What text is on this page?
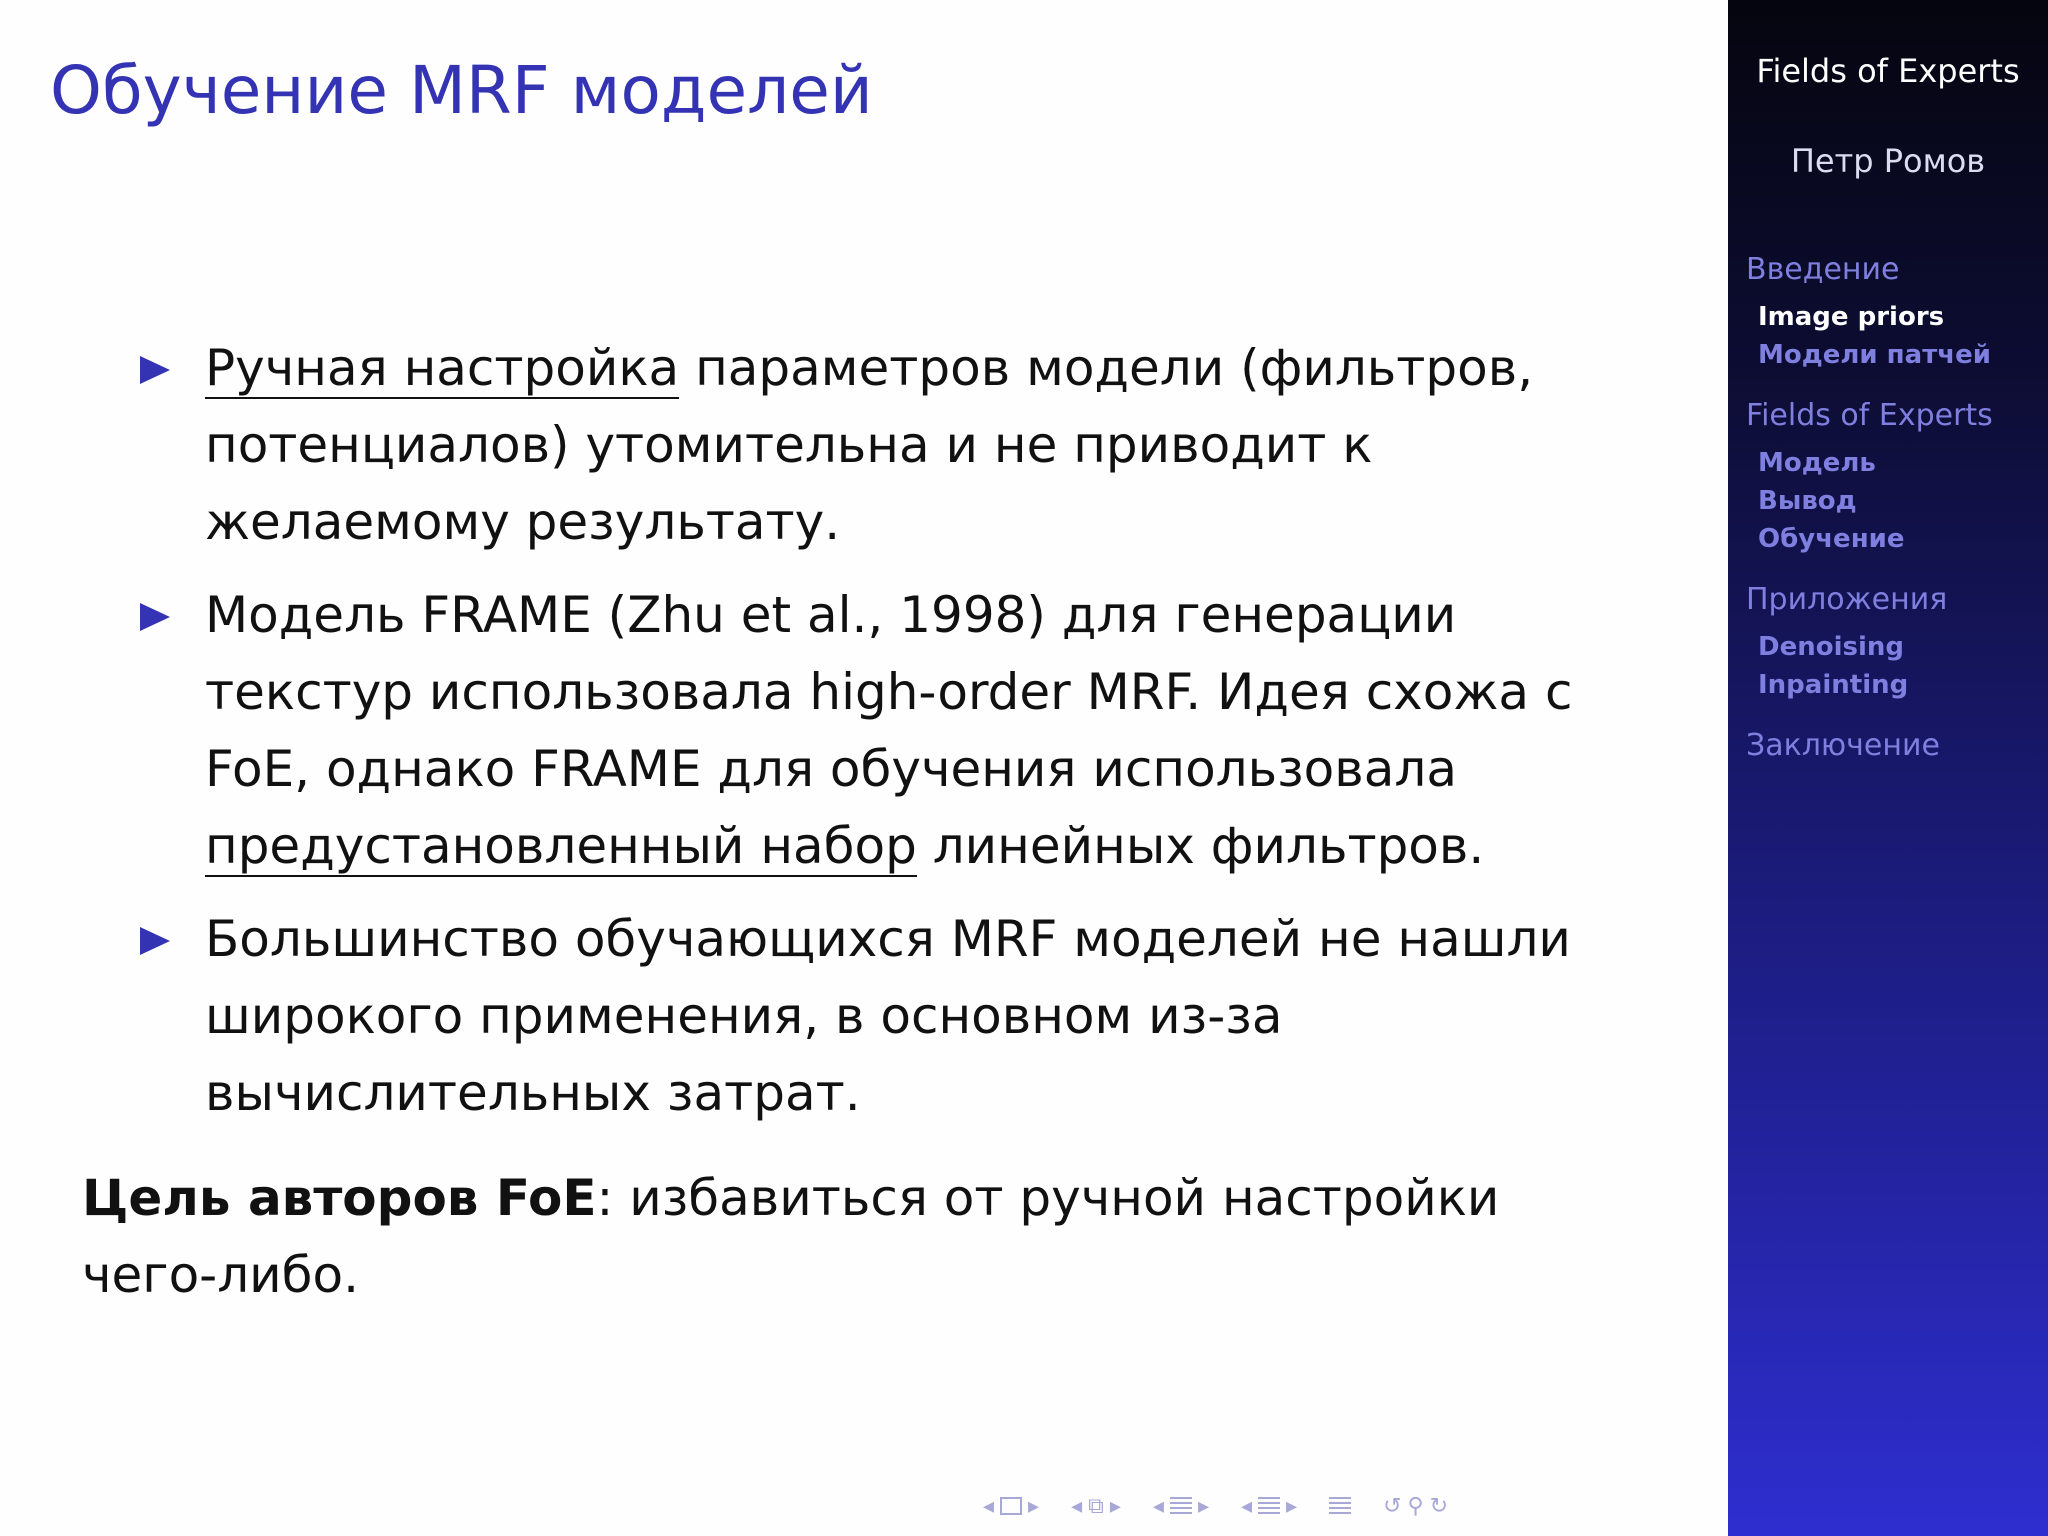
Обучение MRF моделей
Ручная настройка параметров модели (фильтров, потенциалов) утомительна и не приводит к желаемому результату.
Модель FRAME (Zhu et al., 1998) для генерации текстур использовала high-order MRF. Идея схожа с FoE, однако FRAME для обучения использовала предустановленный набор линейных фильтров.
Большинство обучающихся MRF моделей не нашли широкого применения, в основном из-за вычислительных затрат.
Цель авторов FoE: избавиться от ручной настройки чего-либо.
◂ ▸ ◂ ⧉ ▸ ◂ ▸ ◂ ▸	↺ ⚲ ↻
Fields of Experts
Петр Ромов
Введение
Image priors
Модели патчей
Fields of Experts
Модель
Вывод
Обучение
Приложения
Denoising
Inpainting
Заключение
